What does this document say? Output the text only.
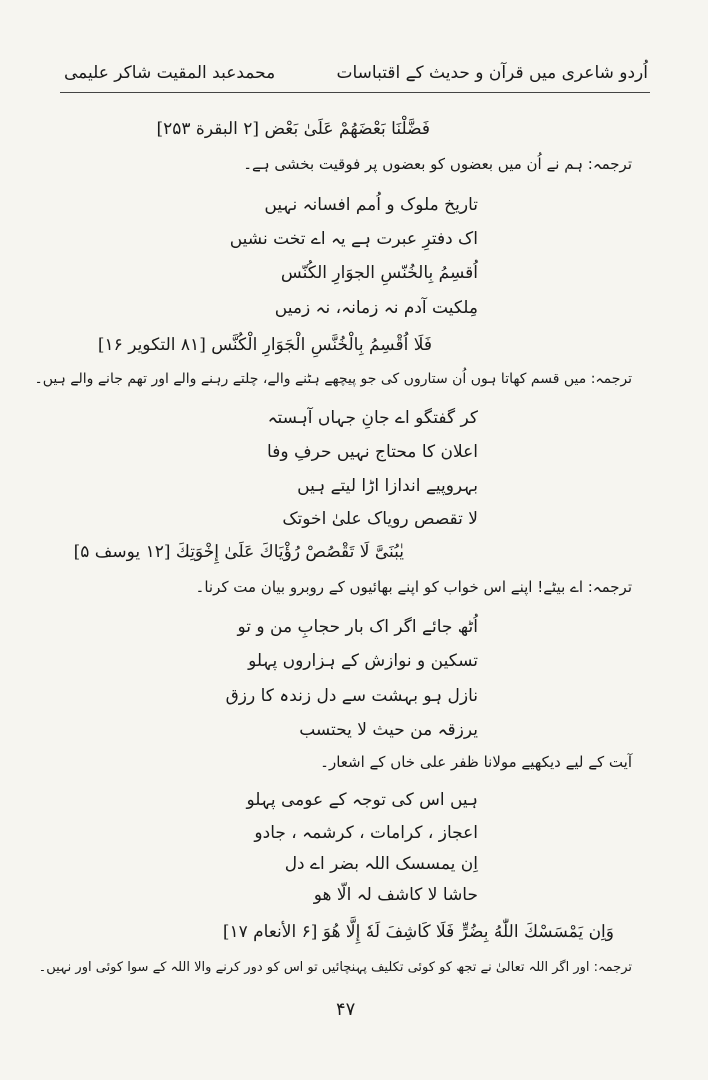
اُردو شاعری میں قرآن و حدیث کے اقتباسات
محمدعبد المقیت شاکر علیمی
فَضَّلْنَا بَعْضَهُمْ عَلَىٰ بَعْض [۲ البقرة ۲۵۳]
ترجمہ: ہم نے اُن میں بعضوں کو بعضوں پر فوقیت بخشی ہے۔
تاریخ ملوک و اُمم افسانہ نہیں
اک دفترِ عبرت ہے یہ اے تخت نشیں
اُقسِمُ بِالخُنّسِ الجوَارِ الکُنّس
مِلکیت آدم نہ زمانہ، نہ زمیں
فَلَا اُقْسِمُ بِالْخُنَّسِ الْجَوَارِ الْكُنَّس [۸۱ التکویر ۱۶]
ترجمہ: میں قسم کھاتا ہوں اُن ستاروں کی جو پیچھے ہٹنے والے، چلتے رہنے والے اور تھم جانے والے ہیں۔
کر گفتگو اے جانِ جہاں آہستہ
اعلان کا محتاج نہیں حرفِ وفا
بہروپیے اندازا اڑا لیتے ہیں
لا تقصص رویاک علیٰ اخوتک
یٰبُنَیَّ لَا تَقْصُصْ رُؤْيَاكَ عَلَىٰ إِخْوَتِكَ [۱۲ یوسف ۵]
ترجمہ: اے بیٹے! اپنے اس خواب کو اپنے بھائیوں کے روبرو بیان مت کرنا۔
اُٹھ جائے اگر اک بار حجابِ من و تو
تسکین و نوازش کے ہزاروں پہلو
نازل ہو بہشت سے دل زندہ کا رزق
یرزقہ من حیث لا یحتسب
آیت کے لیے دیکھیے مولانا ظفر علی خاں کے اشعار۔
ہیں اس کی توجہ کے عومی پہلو
اعجاز ، کرامات ، کرشمہ ، جادو
اِن یمسسک اللہ بضر اے دل
حاشا لا کاشف لہ الّا ھو
وَاِن يَمْسَسْكَ اللّٰهُ بِضُرٍّ فَلَا كَاشِفَ لَهٗ إِلَّا هُوَ [۶ الأنعام ۱۷]
ترجمہ: اور اگر اللہ تعالیٰ نے تجھ کو کوئی تکلیف پہنچائیں تو اس کو دور کرنے والا اللہ کے سوا کوئی اور نہیں۔
۴۷
